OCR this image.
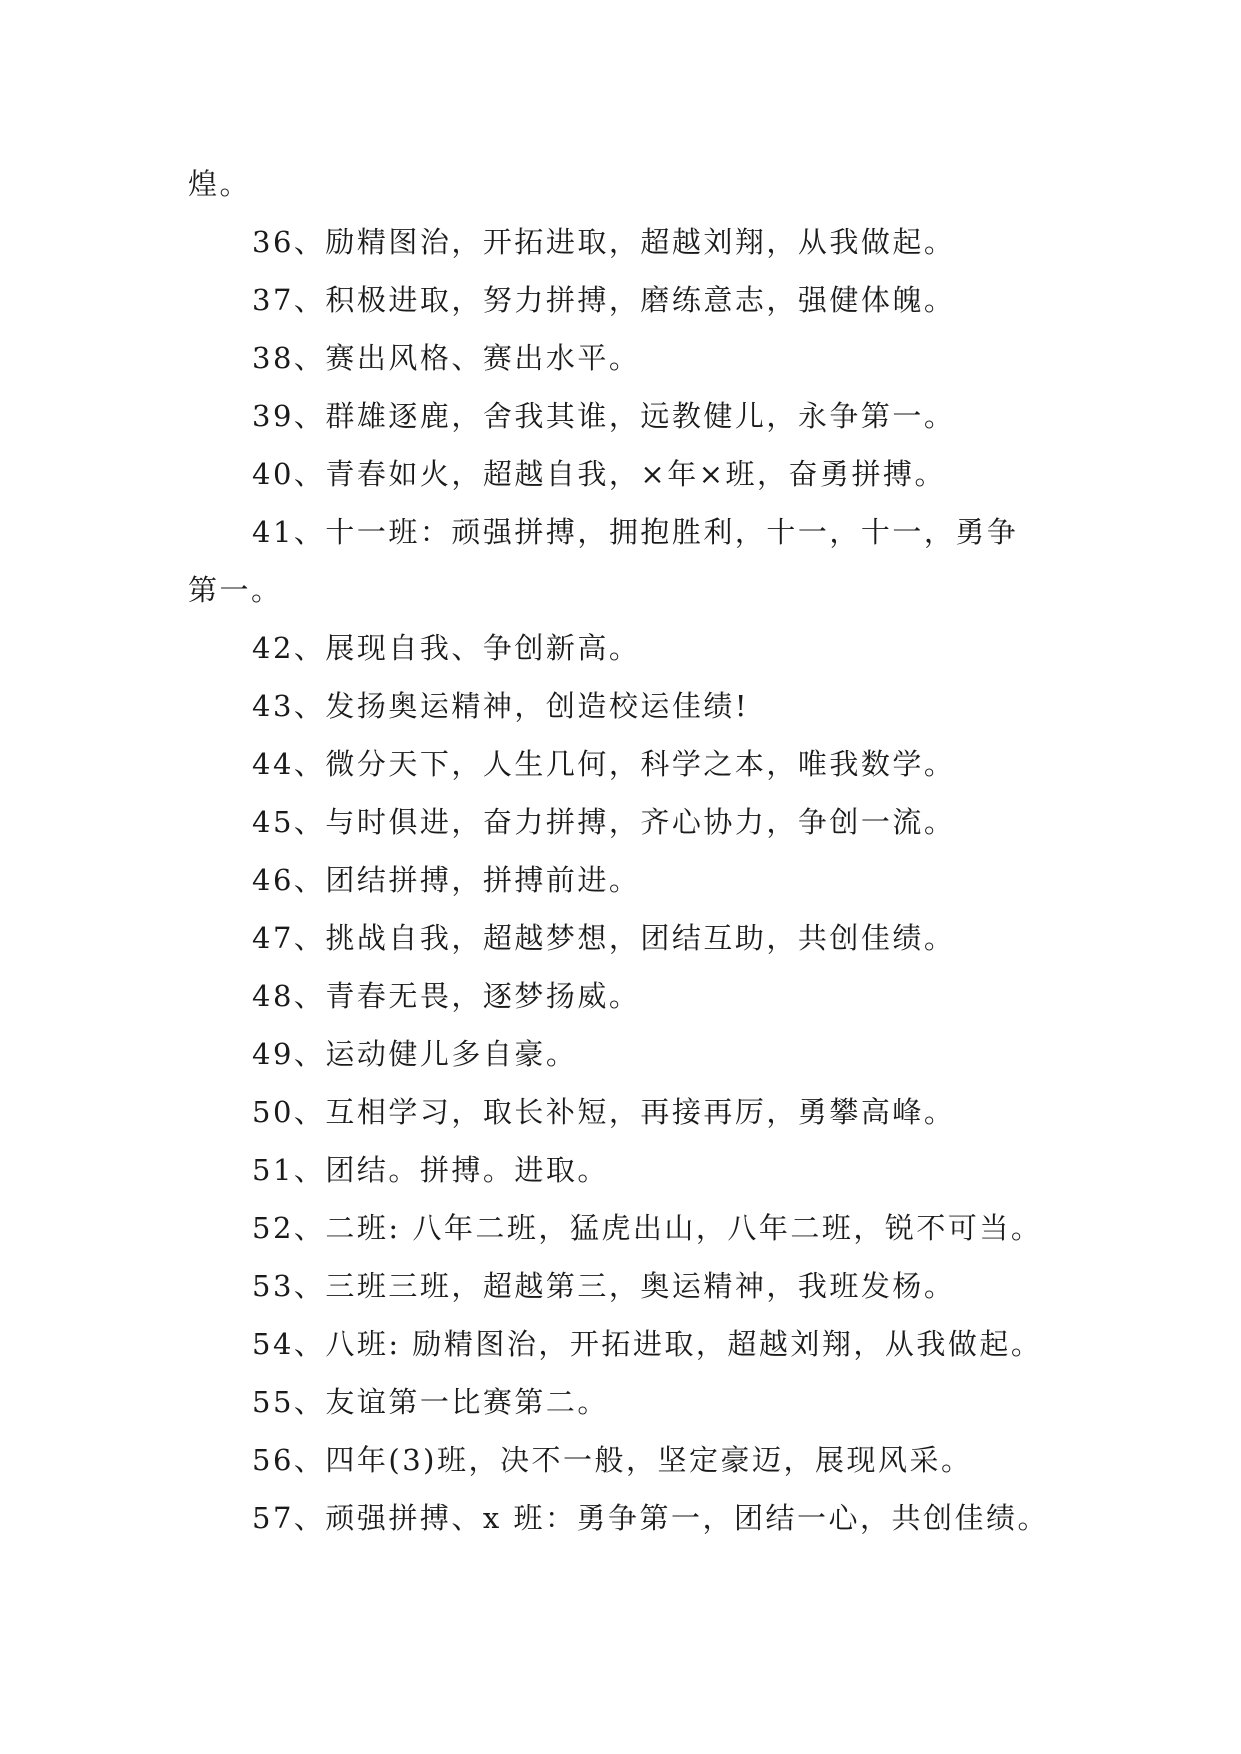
煌。
36、励精图治，开拓进取，超越刘翔，从我做起。
37、积极进取，努力拼搏，磨练意志，强健体魄。
38、赛出风格、赛出水平。
39、群雄逐鹿，舍我其谁，远教健儿，永争第一。
40、青春如火，超越自我，×年×班，奋勇拼搏。
41、十一班：顽强拼搏，拥抱胜利，十一，十一，勇争
第一。
42、展现自我、争创新高。
43、发扬奥运精神，创造校运佳绩!
44、微分天下，人生几何，科学之本，唯我数学。
45、与时俱进，奋力拼搏，齐心协力，争创一流。
46、团结拼搏，拼搏前进。
47、挑战自我，超越梦想，团结互助，共创佳绩。
48、青春无畏，逐梦扬威。
49、运动健儿多自豪。
50、互相学习，取长补短，再接再厉，勇攀高峰。
51、团结。拼搏。进取。
52、二班: 八年二班，猛虎出山，八年二班，锐不可当。
53、三班三班，超越第三，奥运精神，我班发杨。
54、八班: 励精图治，开拓进取，超越刘翔，从我做起。
55、友谊第一比赛第二。
56、四年(3)班，决不一般，坚定豪迈，展现风采。
57、顽强拼搏、x 班：勇争第一，团结一心，共创佳绩。
